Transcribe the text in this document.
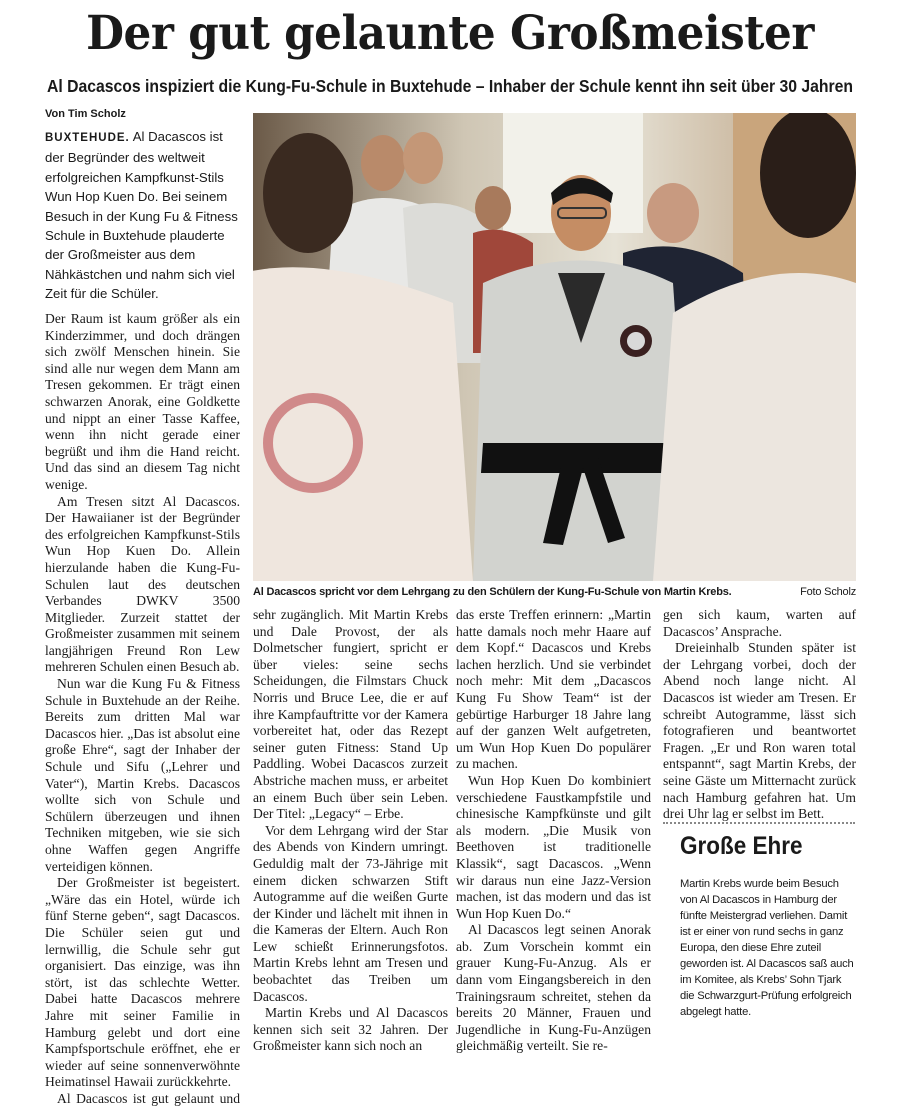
Der gut gelaunte Großmeister
Al Dacascos inspiziert die Kung-Fu-Schule in Buxtehude – Inhaber der Schule kennt ihn seit über 30 Jahren
Von Tim Scholz

BUXTEHUDE. Al Dacascos ist der Begründer des weltweit erfolgreichen Kampfkunst-Stils Wun Hop Kuen Do. Bei seinem Besuch in der Kung Fu & Fitness Schule in Buxtehude plauderte der Großmeister aus dem Nähkästchen und nahm sich viel Zeit für die Schüler.

Der Raum ist kaum größer als ein Kinderzimmer, und doch drängen sich zwölf Menschen hinein. Sie sind alle nur wegen dem Mann am Tresen gekommen. Er trägt einen schwarzen Anorak, eine Goldkette und nippt an einer Tasse Kaffee, wenn ihn nicht gerade einer begrüßt und ihm die Hand reicht. Und das sind an diesem Tag nicht wenige.

Am Tresen sitzt Al Dacascos. Der Hawaiianer ist der Begründer des erfolgreichen Kampfkunst-Stils Wun Hop Kuen Do. Allein hierzulande haben die Kung-Fu-Schulen laut des deutschen Verbandes DWKV 3500 Mitglieder. Zurzeit stattet der Großmeister zusammen mit seinem langjährigen Freund Ron Lew mehreren Schulen einen Besuch ab.

Nun war die Kung Fu & Fitness Schule in Buxtehude an der Reihe. Bereits zum dritten Mal war Dacascos hier. „Das ist absolut eine große Ehre“, sagt der Inhaber der Schule und Sifu („Lehrer und Vater“), Martin Krebs. Dacascos wollte sich von Schule und Schülern überzeugen und ihnen Techniken mitgeben, wie sie sich ohne Waffen gegen Angriffe verteidigen können.

Der Großmeister ist begeistert. „Wäre das ein Hotel, würde ich fünf Sterne geben“, sagt Dacascos. Die Schüler seien gut und lernwillig, die Schule sehr gut organisiert. Das einzige, was ihn stört, ist das schlechte Wetter. Dabei hatte Dacascos mehrere Jahre mit seiner Familie in Hamburg gelebt und dort eine Kampfsportschule eröffnet, ehe er wieder auf seine sonnenverwöhnte Heimatinsel Hawaii zurückkehrte.

Al Dacascos ist gut gelaunt und

Al Dacascos spricht vor dem Lehrgang zu den Schülern der Kung-Fu-Schule von Martin Krebs.	Foto Scholz

sehr zugänglich. Mit Martin Krebs und Dale Provost, der als Dolmetscher fungiert, spricht er über vieles: seine sechs Scheidungen, die Filmstars Chuck Norris und Bruce Lee, die er auf ihre Kampfauftritte vor der Kamera vorbereitet hat, oder das Rezept seiner guten Fitness: Stand Up Paddling. Wobei Dacascos zurzeit Abstriche machen muss, er arbeitet an einem Buch über sein Leben. Der Titel: „Legacy“ – Erbe.

Vor dem Lehrgang wird der Star des Abends von Kindern umringt. Geduldig malt der 73-Jährige mit einem dicken schwarzen Stift Autogramme auf die weißen Gurte der Kinder und lächelt mit ihnen in die Kameras der Eltern. Auch Ron Lew schießt Erinnerungsfotos. Martin Krebs lehnt am Tresen und beobachtet das Treiben um Dacascos.

Martin Krebs und Al Dacascos kennen sich seit 32 Jahren. Der Großmeister kann sich noch an

das erste Treffen erinnern: „Martin hatte damals noch mehr Haare auf dem Kopf.“ Dacascos und Krebs lachen herzlich. Und sie verbindet noch mehr: Mit dem „Dacascos Kung Fu Show Team“ ist der gebürtige Harburger 18 Jahre lang auf der ganzen Welt aufgetreten, um Wun Hop Kuen Do populärer zu machen.

Wun Hop Kuen Do kombiniert verschiedene Faustkampfstile und chinesische Kampfkünste und gilt als modern. „Die Musik von Beethoven ist traditionelle Klassik“, sagt Dacascos. „Wenn wir daraus nun eine Jazz-Version machen, ist das modern und das ist Wun Hop Kuen Do.“

Al Dacascos legt seinen Anorak ab. Zum Vorschein kommt ein grauer Kung-Fu-Anzug. Als er dann vom Eingangsbereich in den Trainingsraum schreitet, stehen da bereits 20 Männer, Frauen und Jugendliche in Kung-Fu-Anzügen gleichmäßig verteilt. Sie re-

gen sich kaum, warten auf Dacascos’ Ansprache.

Dreieinhalb Stunden später ist der Lehrgang vorbei, doch der Abend noch lange nicht. Al Dacascos ist wieder am Tresen. Er schreibt Autogramme, lässt sich fotografieren und beantwortet Fragen. „Er und Ron waren total entspannt“, sagt Martin Krebs, der seine Gäste um Mitternacht zurück nach Hamburg gefahren hat. Um drei Uhr lag er selbst im Bett.

Große Ehre

Martin Krebs wurde beim Besuch von Al Dacascos in Hamburg der fünfte Meistergrad verliehen. Damit ist er einer von rund sechs in ganz Europa, den diese Ehre zuteil geworden ist. Al Dacascos saß auch im Komitee, als Krebs’ Sohn Tjark die Schwarzgurt-Prüfung erfolgreich abgelegt hatte.
